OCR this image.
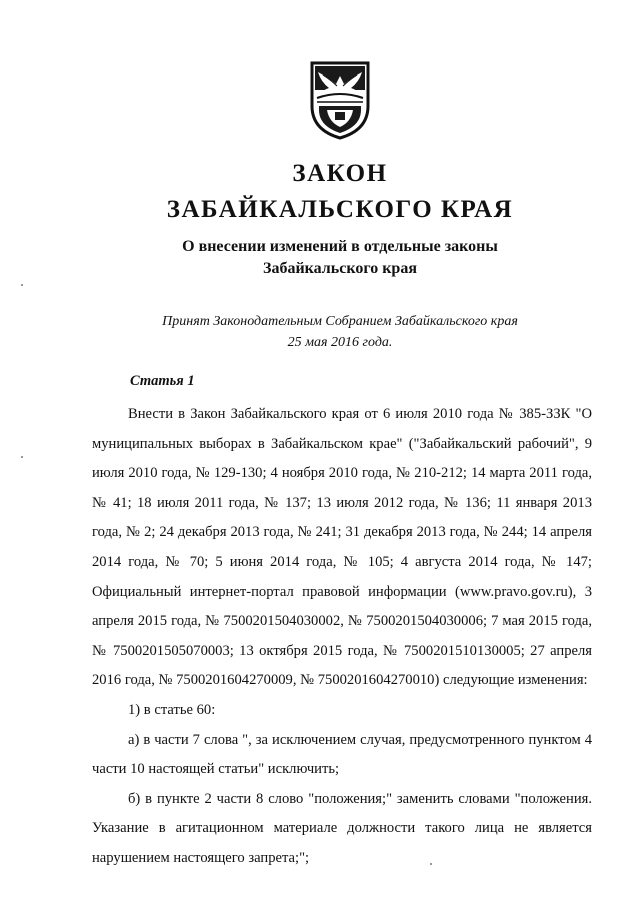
ЗАКОН
ЗАБАЙКАЛЬСКОГО КРАЯ
О внесении изменений в отдельные законы
Забайкальского края
Принят Законодательным Собранием Забайкальского края
25 мая 2016 года.
Статья 1

Внести в Закон Забайкальского края от 6 июля 2010 года № 385-ЗЗК "О муниципальных выборах в Забайкальском крае" ("Забайкальский рабочий", 9 июля 2010 года, № 129-130; 4 ноября 2010 года, № 210-212; 14 марта 2011 года, № 41; 18 июля 2011 года, № 137; 13 июля 2012 года, № 136; 11 января 2013 года, № 2; 24 декабря 2013 года, № 241; 31 декабря 2013 года, № 244; 14 апреля 2014 года, № 70; 5 июня 2014 года, № 105; 4 августа 2014 года, № 147; Официальный интернет-портал правовой информации (www.pravo.gov.ru), 3 апреля 2015 года, № 7500201504030002, № 7500201504030006; 7 мая 2015 года, № 7500201505070003; 13 октября 2015 года, № 7500201510130005; 27 апреля 2016 года, № 7500201604270009, № 7500201604270010) следующие изменения:

1) в статье 60:

а) в части 7 слова ", за исключением случая, предусмотренного пунктом 4 части 10 настоящей статьи" исключить;

б) в пункте 2 части 8 слово "положения;" заменить словами "положения. Указание в агитационном материале должности такого лица не является нарушением настоящего запрета;";
